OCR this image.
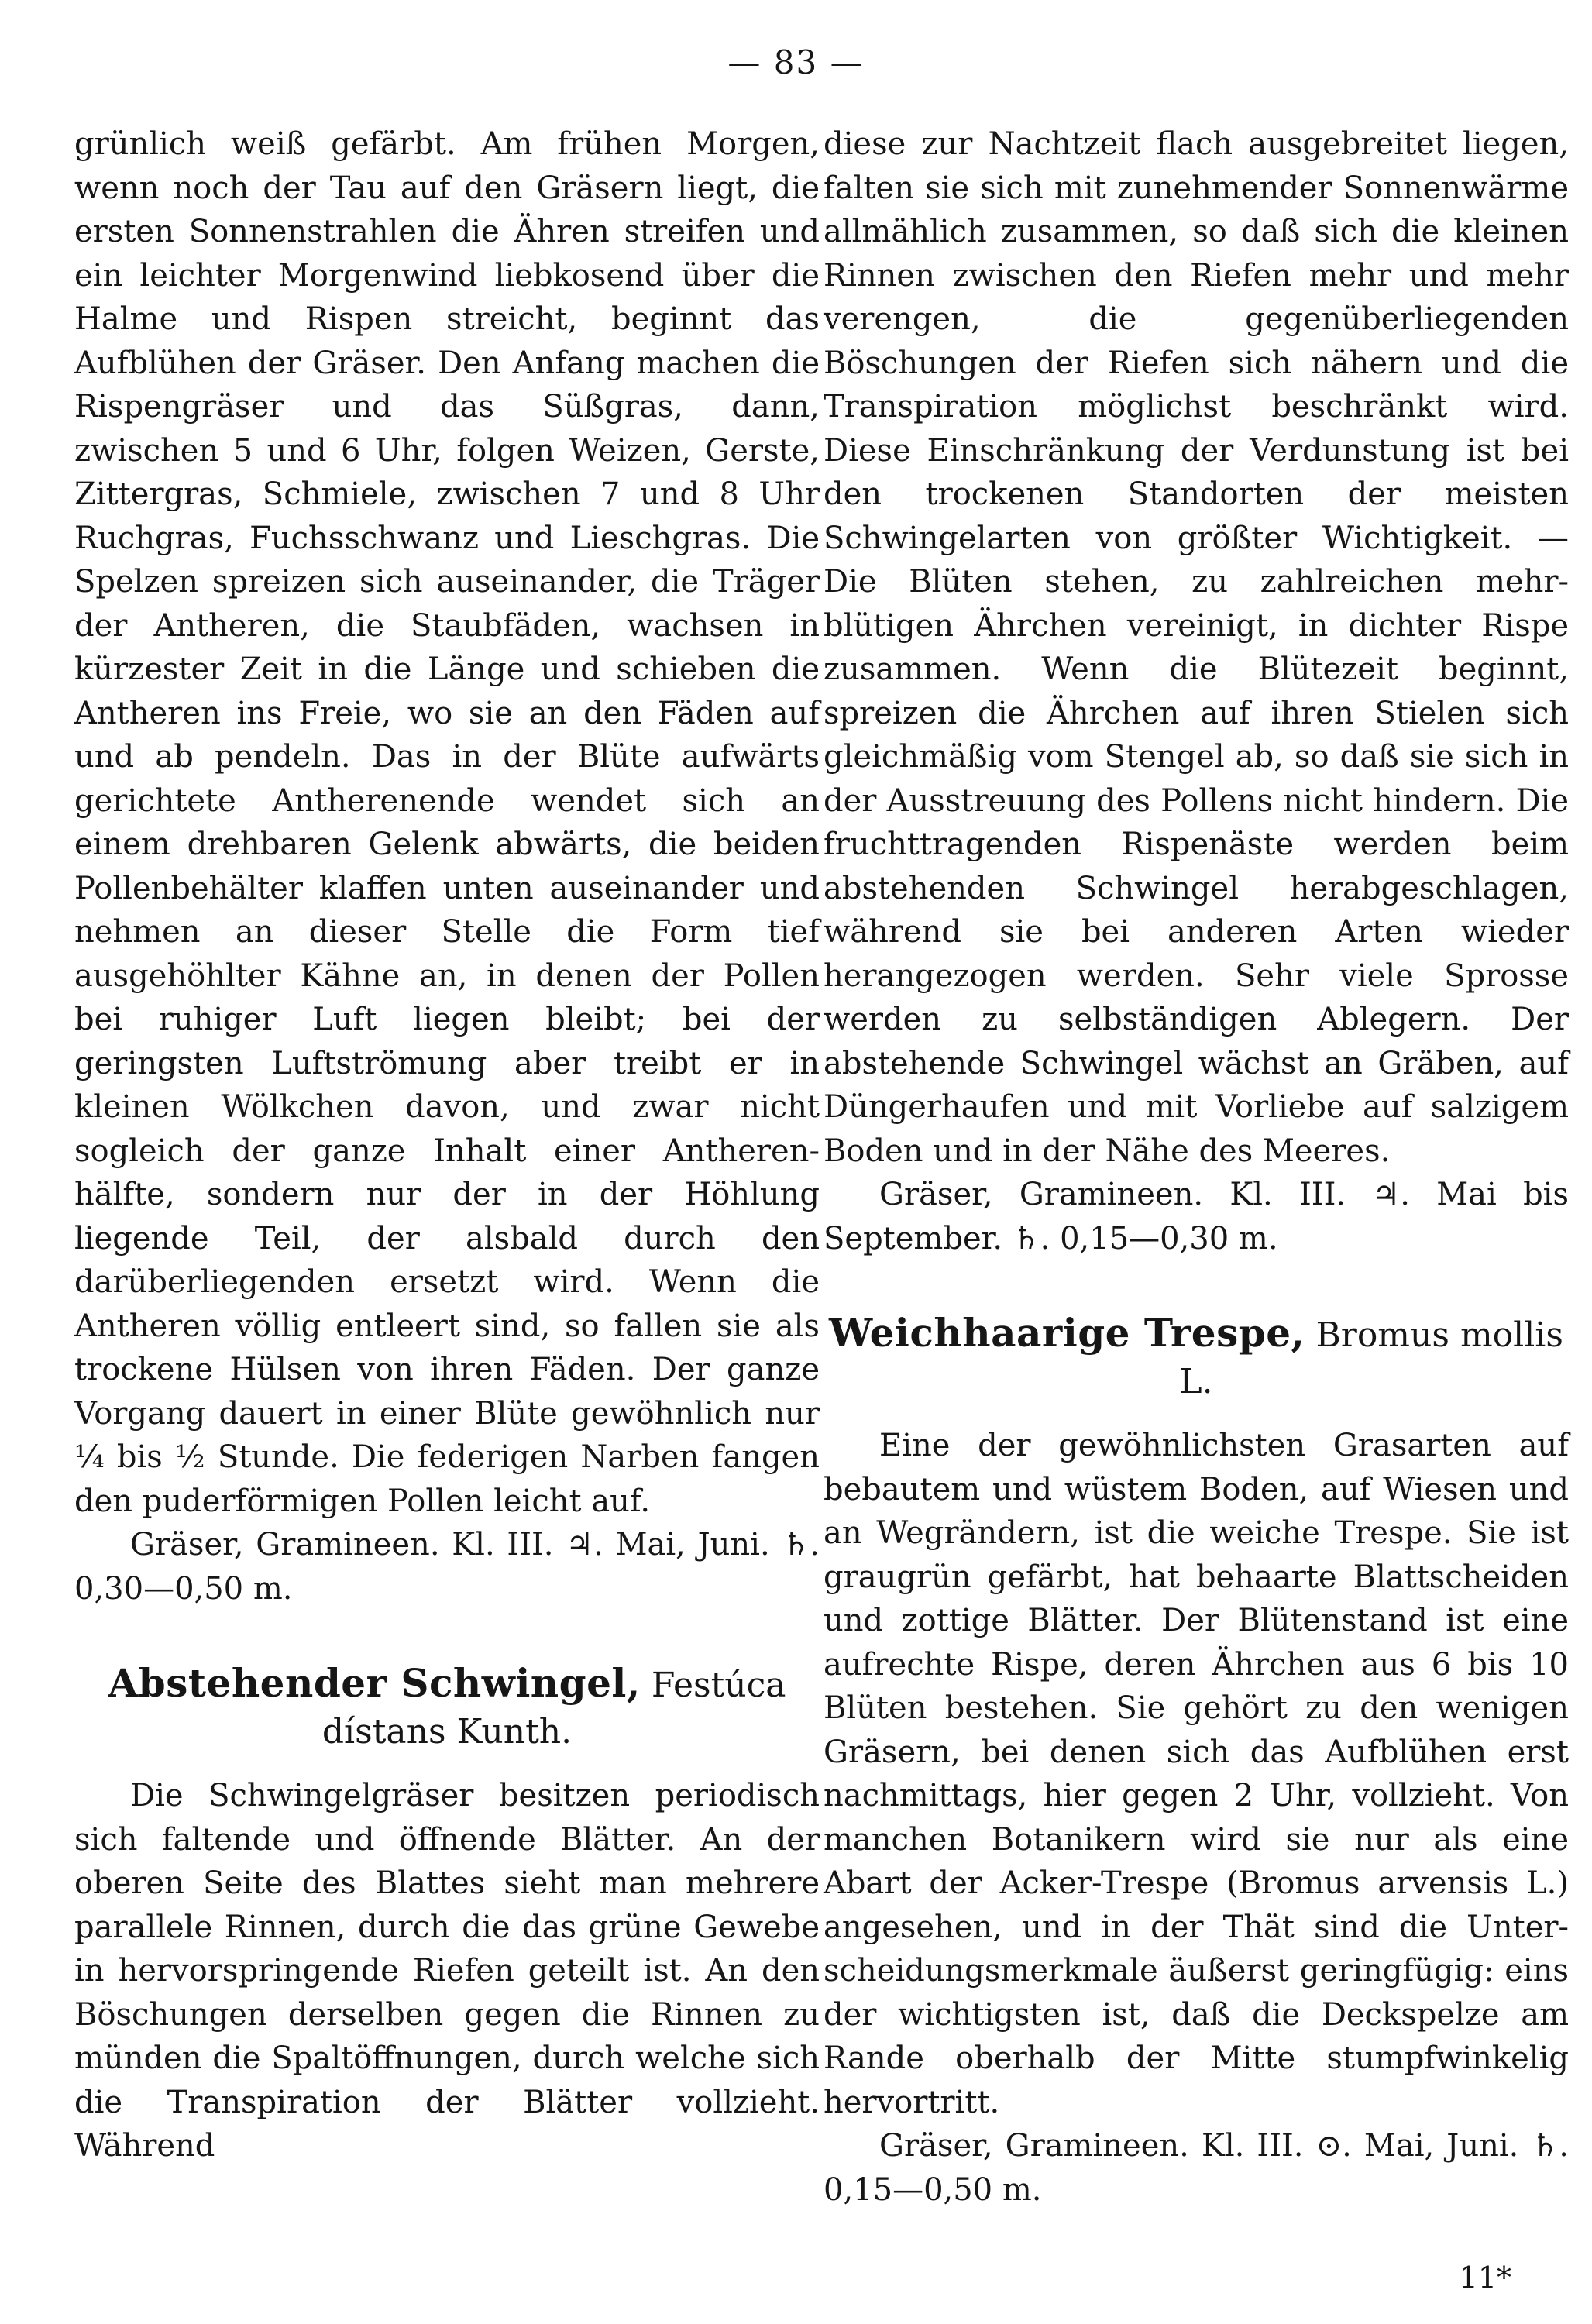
— 83 —

grünlich weiß gefärbt. Am frühen Morgen, wenn noch der Tau auf den Gräsern liegt, die ersten Sonnenstrahlen die Ähren streifen und ein leichter Morgenwind liebkosend über die Halme und Rispen streicht, beginnt das Aufblühen der Gräser. Den Anfang machen die Rispengräser und das Süßgras, dann, zwischen 5 und 6 Uhr, folgen Weizen, Gerste, Zittergras, Schmiele, zwischen 7 und 8 Uhr Ruchgras, Fuchsschwanz und Lieschgras. Die Spelzen spreizen sich auseinander, die Träger der Antheren, die Staubfäden, wachsen in kürzester Zeit in die Länge und schieben die Antheren ins Freie, wo sie an den Fäden auf und ab pendeln. Das in der Blüte aufwärts gerichtete Antherenende wendet sich an einem drehbaren Gelenk abwärts, die beiden Pollenbehälter klaffen unten auseinander und nehmen an dieser Stelle die Form tief ausgehöhlter Kähne an, in denen der Pollen bei ruhiger Luft liegen bleibt; bei der geringsten Luftströmung aber treibt er in kleinen Wölkchen davon, und zwar nicht sogleich der ganze Inhalt einer Antherenhälfte, sondern nur der in der Höhlung liegende Teil, der alsbald durch den darüberliegenden ersetzt wird. Wenn die Antheren völlig entleert sind, so fallen sie als trockene Hülsen von ihren Fäden. Der ganze Vorgang dauert in einer Blüte gewöhnlich nur ¼ bis ½ Stunde. Die federigen Narben fangen den puderförmigen Pollen leicht auf.

Gräser, Gramineen. Kl. III. ♃. Mai, Juni. ♄. 0,30—0,50 m.

Abstehender Schwingel, Festúca dístans Kunth.

Die Schwingelgräser besitzen periodisch sich faltende und öffnende Blätter. An der oberen Seite des Blattes sieht man mehrere parallele Rinnen, durch die das grüne Gewebe in hervorspringende Riefen geteilt ist. An den Böschungen derselben gegen die Rinnen zu münden die Spaltöffnungen, durch welche sich die Transpiration der Blätter vollzieht. Während

diese zur Nachtzeit flach ausgebreitet liegen, falten sie sich mit zunehmender Sonnenwärme allmählich zusammen, so daß sich die kleinen Rinnen zwischen den Riefen mehr und mehr verengen, die gegenüberliegenden Böschungen der Riefen sich nähern und die Transpiration möglichst beschränkt wird. Diese Einschränkung der Verdunstung ist bei den trockenen Standorten der meisten Schwingelarten von größter Wichtigkeit. — Die Blüten stehen, zu zahlreichen mehrblütigen Ährchen vereinigt, in dichter Rispe zusammen. Wenn die Blütezeit beginnt, spreizen die Ährchen auf ihren Stielen sich gleichmäßig vom Stengel ab, so daß sie sich in der Ausstreuung des Pollens nicht hindern. Die fruchttragenden Rispenäste werden beim abstehenden Schwingel herabgeschlagen, während sie bei anderen Arten wieder herangezogen werden. Sehr viele Sprosse werden zu selbständigen Ablegern. Der abstehende Schwingel wächst an Gräben, auf Düngerhaufen und mit Vorliebe auf salzigem Boden und in der Nähe des Meeres.

Gräser, Gramineen. Kl. III. ♃. Mai bis September. ♄. 0,15—0,30 m.

Weichhaarige Trespe, Bromus mollis L.

Eine der gewöhnlichsten Grasarten auf bebautem und wüstem Boden, auf Wiesen und an Wegrändern, ist die weiche Trespe. Sie ist graugrün gefärbt, hat behaarte Blattscheiden und zottige Blätter. Der Blütenstand ist eine aufrechte Rispe, deren Ährchen aus 6 bis 10 Blüten bestehen. Sie gehört zu den wenigen Gräsern, bei denen sich das Aufblühen erst nachmittags, hier gegen 2 Uhr, vollzieht. Von manchen Botanikern wird sie nur als eine Abart der Acker-Trespe (Bromus arvensis L.) angesehen, und in der Thät sind die Unterscheidungsmerkmale äußerst geringfügig: eins der wichtigsten ist, daß die Deckspelze am Rande oberhalb der Mitte stumpfwinkelig hervortritt.

Gräser, Gramineen. Kl. III. ⊙. Mai, Juni. ♄. 0,15—0,50 m.

11*
